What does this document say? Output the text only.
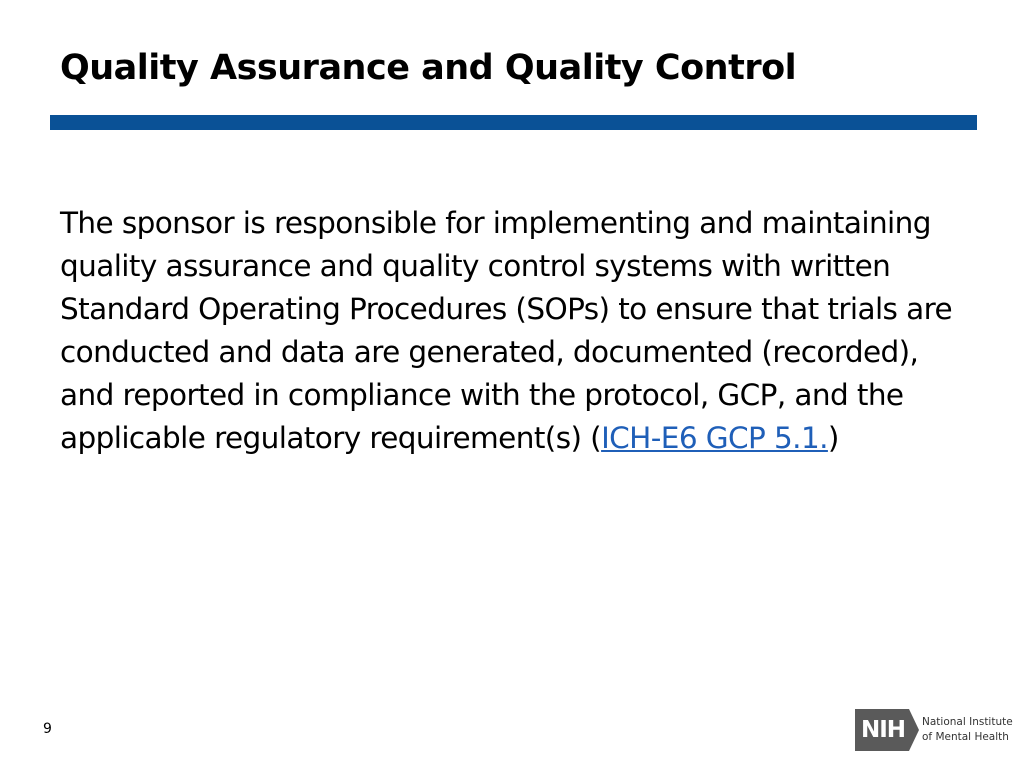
Quality Assurance and Quality Control

The sponsor is responsible for implementing and maintaining quality assurance and quality control systems with written Standard Operating Procedures (SOPs) to ensure that trials are conducted and data are generated, documented (recorded), and reported in compliance with the protocol, GCP, and the applicable regulatory requirement(s) (ICH-E6 GCP 5.1.)

9	NIH National Institute
of Mental Health
